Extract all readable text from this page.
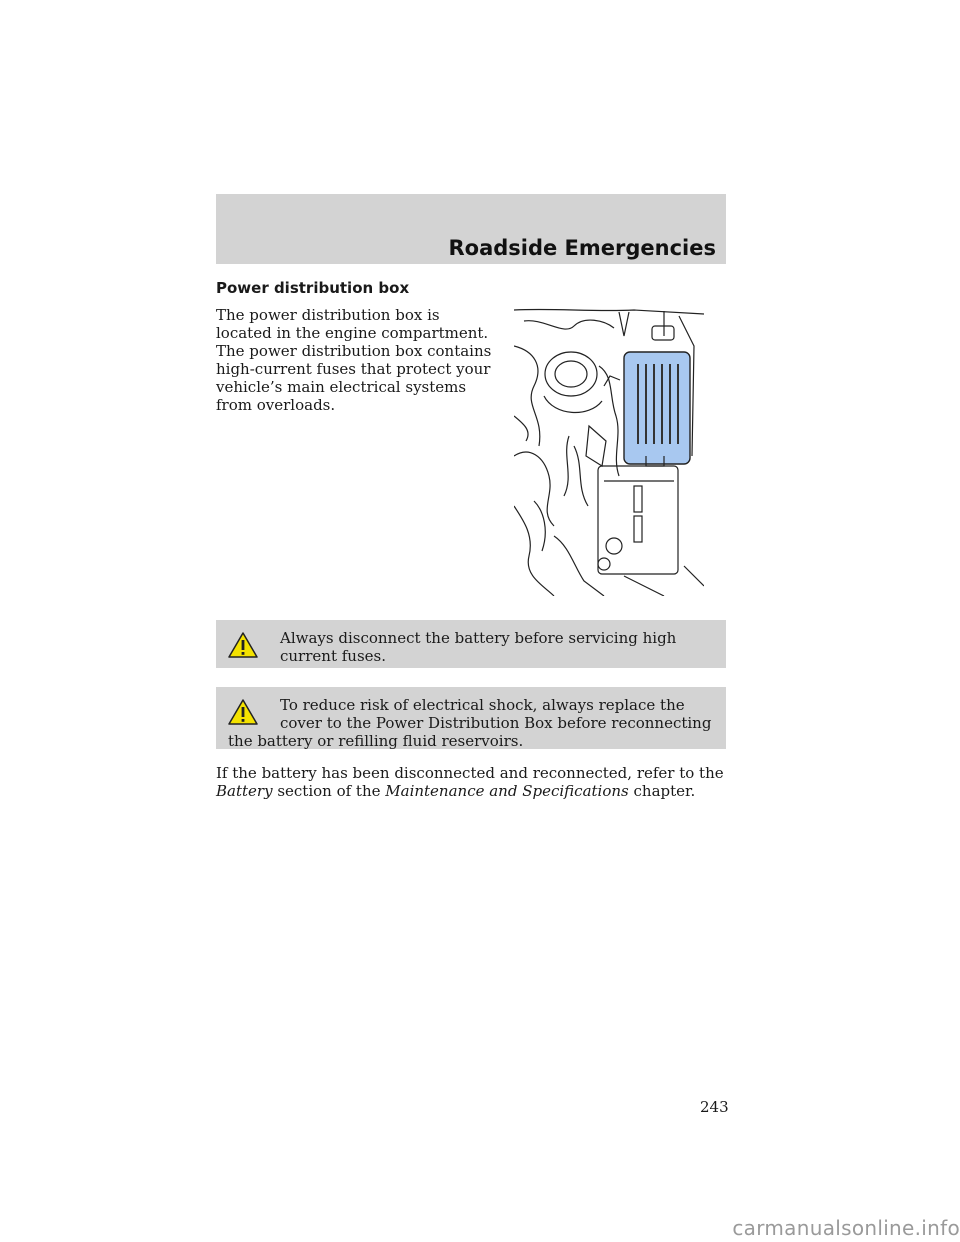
Roadside Emergencies
Power distribution box

The power distribution box is located in the engine compartment. The power distribution box contains high-current fuses that protect your vehicle’s main electrical systems from overloads.

Always disconnect the battery before servicing high current fuses.
To reduce risk of electrical shock, always replace the cover to the Power Distribution Box before reconnecting the battery or refilling fluid reservoirs.

If the battery has been disconnected and reconnected, refer to the Battery section of the Maintenance and Specifications chapter.

243
carmanualsonline.info
